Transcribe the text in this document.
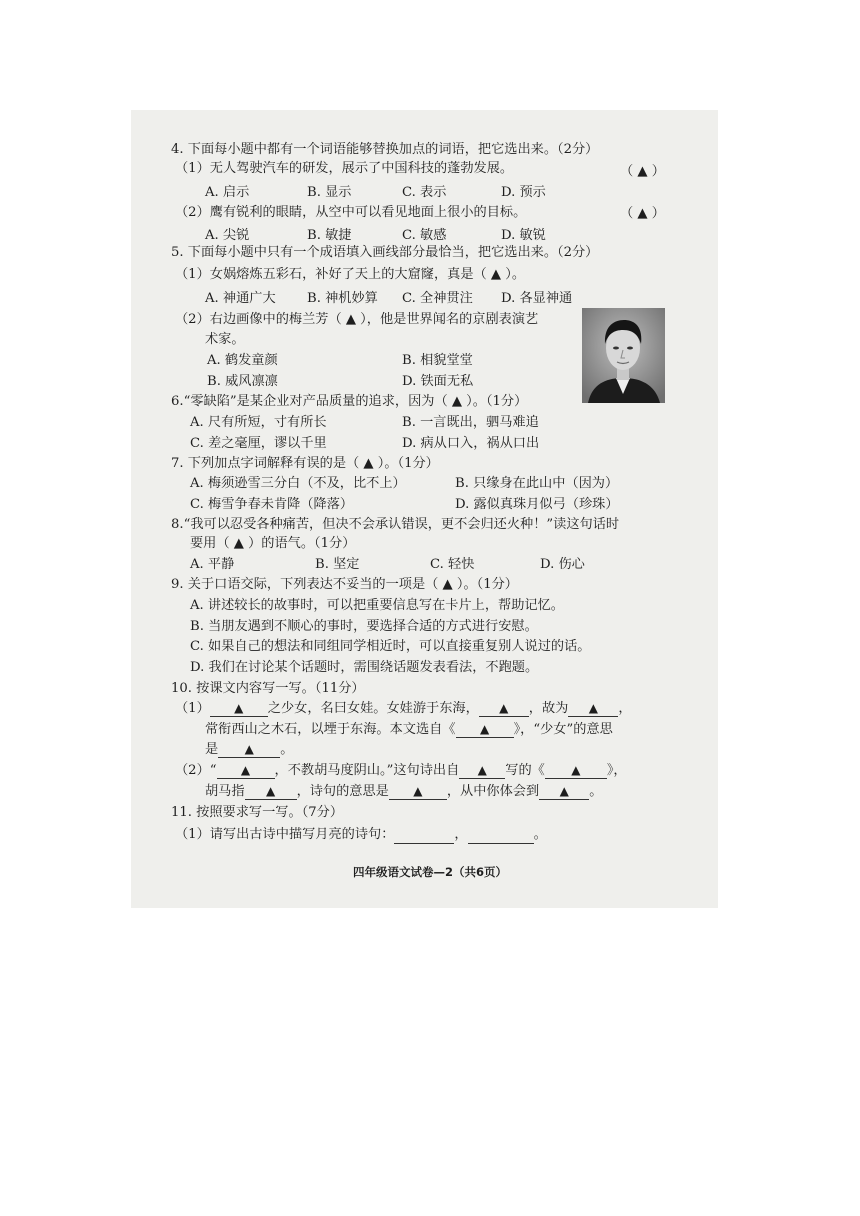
4. 下面每小题中都有一个词语能够替换加点的词语，把它选出来。（2分）
（1）无人驾驶汽车的研发，展示了中国科技的蓬勃发展。	（ ▲ ）
A. 启示	B. 显示	C. 表示	D. 预示
（2）鹰有锐利的眼睛，从空中可以看见地面上很小的目标。	（ ▲ ）
A. 尖锐	B. 敏捷	C. 敏感	D. 敏锐
5. 下面每小题中只有一个成语填入画线部分最恰当，把它选出来。（2分）
（1）女娲熔炼五彩石，补好了天上的大窟窿，真是（ ▲ ）。
A. 神通广大 B. 神机妙算 C. 全神贯注 D. 各显神通
（2）右边画像中的梅兰芳（ ▲ ），他是世界闻名的京剧表演艺
术家。
A. 鹤发童颜	B. 相貌堂堂
B. 威风凛凛	D. 铁面无私
6.“零缺陷”是某企业对产品质量的追求，因为（ ▲ ）。（1分）
A. 尺有所短，寸有所长	B. 一言既出，驷马难追
C. 差之毫厘，谬以千里	D. 病从口入，祸从口出
7. 下列加点字词解释有误的是（ ▲ ）。（1分）
A. 梅须逊雪三分白（不及，比不上）	B. 只缘身在此山中（因为）
C. 梅雪争春未肯降（降落）	D. 露似真珠月似弓（珍珠）
8.“我可以忍受各种痛苦，但决不会承认错误，更不会归还火种！”读这句话时
要用（ ▲ ）的语气。（1分）
A. 平静	B. 坚定	C. 轻快	D. 伤心
9. 关于口语交际，下列表达不妥当的一项是（ ▲ ）。（1分）
A. 讲述较长的故事时，可以把重要信息写在卡片上，帮助记忆。
B. 当朋友遇到不顺心的事时，要选择合适的方式进行安慰。
C. 如果自己的想法和同组同学相近时，可以直接重复别人说过的话。
D. 我们在讨论某个话题时，需围绕话题发表看法，不跑题。
10. 按课文内容写一写。（11分）
（1） ▲ 之少女，名曰女娃。女娃游于东海， ▲ ，故为 ▲ ，
常衔西山之木石，以堙于东海。本文选自《 ▲ 》，“少女”的意思
是 ▲ 。
（2）“ ▲ ，不教胡马度阴山。”这句诗出自 ▲ 写的《 ▲ 》，
胡马指 ▲ ，诗句的意思是 ▲ ，从中你体会到 ▲ 。
11. 按照要求写一写。（7分）
（1）请写出古诗中描写月亮的诗句：	，	。
四年级语文试卷—2（共6页）
